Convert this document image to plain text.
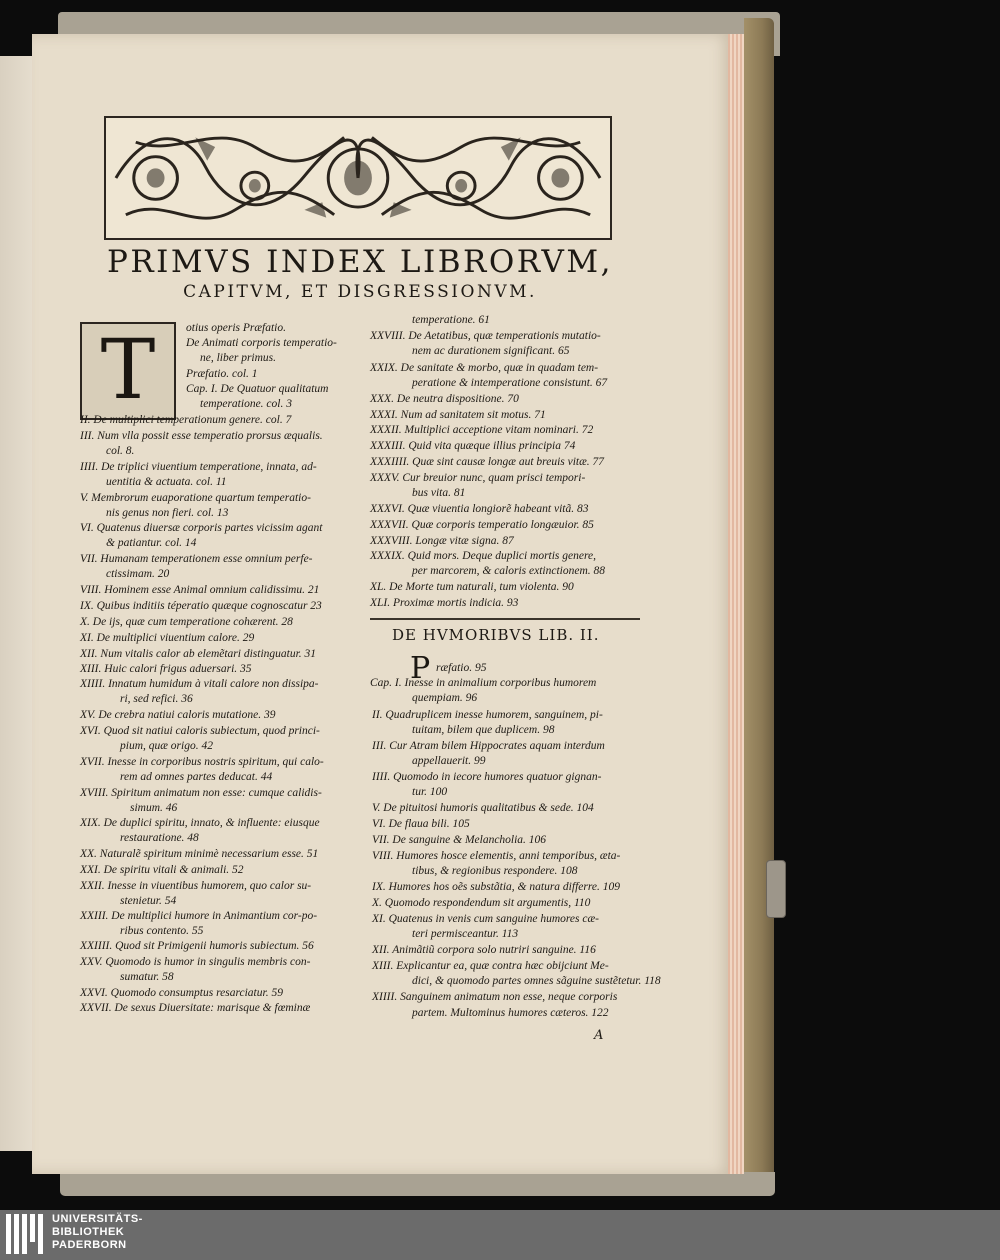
PRIMVS INDEX LIBRORVM,
CAPITVM, ET DISGRESSIONVM.
T	otius operis Præfatio.
De Animati corporis temperatio-
ne, liber primus.
Præfatio. col. 1
Cap. I. De Quatuor qualitatum
temperatione. col. 3
II. De multiplici temperationum genere. col. 7
III. Num vlla possit esse temperatio prorsus æqualis.
col. 8.
IIII. De triplici viuentium temperatione, innata, ad-
uentitia & actuata. col. 11
V. Membrorum euaporatione quartum temperatio-
nis genus non fieri. col. 13
VI. Quatenus diuersæ corporis partes vicissim agant
& patiantur. col. 14
VII. Humanam temperationem esse omnium perfe-
ctissimam. 20
VIII. Hominem esse Animal omnium calidissimu. 21
IX. Quibus inditiis téperatio quæque cognoscatur 23
X. De ijs, quæ cum temperatione cohærent. 28
XI. De multiplici viuentium calore. 29
XII. Num vitalis calor ab elemẽtari distinguatur. 31
XIII. Huic calori frigus aduersari. 35
XIIII. Innatum humidum à vitali calore non dissipa-
ri, sed refici. 36
XV. De crebra natiui caloris mutatione. 39
XVI. Quod sit natiui caloris subiectum, quod princi-
pium, quæ origo. 42
XVII. Inesse in corporibus nostris spiritum, qui calo-
rem ad omnes partes deducat. 44
XVIII. Spiritum animatum non esse: cumque calidis-
simum. 46
XIX. De duplici spiritu, innato, & influente: eiusque
restauratione. 48
XX. Naturalẽ spiritum minimè necessarium esse. 51
XXI. De spiritu vitali & animali. 52
XXII. Inesse in viuentibus humorem, quo calor su-
stenietur. 54
XXIII. De multiplici humore in Animantium cor-po-
ribus contento. 55
XXIIII. Quod sit Primigenii humoris subiectum. 56
XXV. Quomodo is humor in singulis membris con-
sumatur. 58
XXVI. Quomodo consumptus resarciatur. 59
XXVII. De sexus Diuersitate: marisque & fœminæ
temperatione. 61
XXVIII. De Aetatibus, quæ temperationis mutatio-
nem ac durationem significant. 65
XXIX. De sanitate & morbo, quæ in quadam tem-
peratione & intemperatione consistunt. 67
XXX. De neutra dispositione. 70
XXXI. Num ad sanitatem sit motus. 71
XXXII. Multiplici acceptione vitam nominari. 72
XXXIII. Quid vita quæque illius principia 74
XXXIIII. Quæ sint causæ longæ aut breuis vitæ. 77
XXXV. Cur breuior nunc, quam prisci tempori-
bus vita. 81
XXXVI. Quæ viuentia longiorẽ habeant vitã. 83
XXXVII. Quæ corporis temperatio longæuior. 85
XXXVIII. Longæ vitæ signa. 87
XXXIX. Quid mors. Deque duplici mortis genere,
per marcorem, & caloris extinctionem. 88
XL. De Morte tum naturali, tum violenta. 90
XLI. Proximæ mortis indicia. 93
ræfatio. 95
Cap. I. Inesse in animalium corporibus humorem
quempiam. 96
II. Quadruplicem inesse humorem, sanguinem, pi-
tuitam, bilem que duplicem. 98
III. Cur Atram bilem Hippocrates aquam interdum
appellauerit. 99
IIII. Quomodo in iecore humores quatuor gignan-
tur. 100
V. De pituitosi humoris qualitatibus & sede. 104
VI. De flaua bili. 105
VII. De sanguine & Melancholia. 106
VIII. Humores hosce elementis, anni temporibus, æta-
tibus, & regionibus respondere. 108
IX. Humores hos oẽs substãtia, & natura differre. 109
X. Quomodo respondendum sit argumentis, 110
XI. Quatenus in venis cum sanguine humores cæ-
teri permisceantur. 113
XII. Animãtiũ corpora solo nutriri sanguine. 116
XIII. Explicantur ea, quæ contra hæc obijciunt Me-
dici, & quomodo partes omnes sãguine sustẽtetur. 118
XIIII. Sanguinem animatum non esse, neque corporis
partem. Multominus humores cæteros. 122
DE HVMORIBVS LIB. II.
P
A
UNIVERSITÄTS-
BIBLIOTHEK
PADERBORN
